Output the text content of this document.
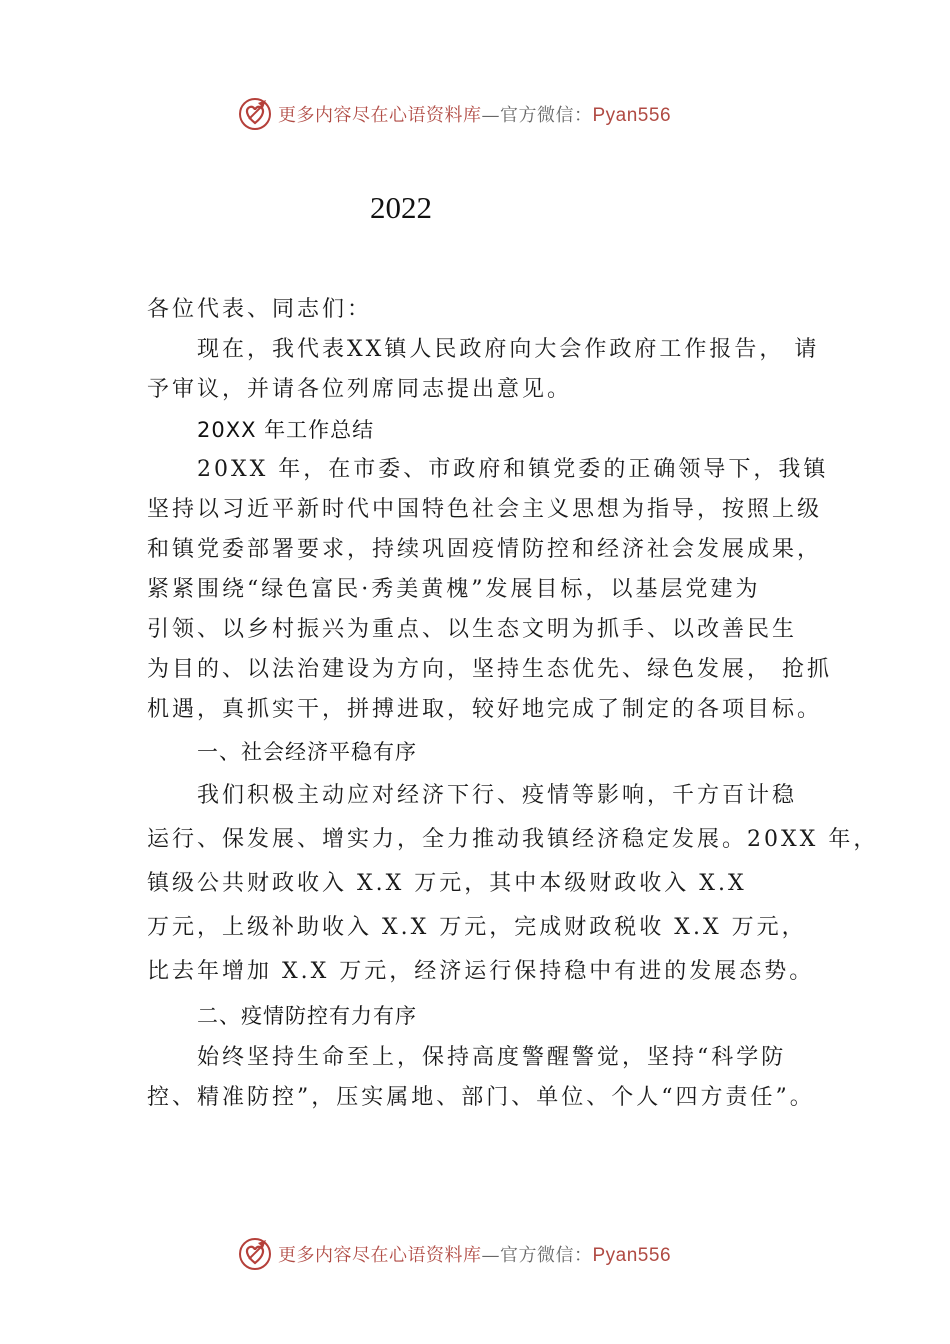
更多内容尽在心语资料库—官方微信：Pyan556
2022
各位代表、同志们：
现在，我代表XX镇人民政府向大会作政府工作报告， 请
予审议，并请各位列席同志提出意见。
20XX 年工作总结
20XX 年，在市委、市政府和镇党委的正确领导下，我镇
坚持以习近平新时代中国特色社会主义思想为指导，按照上级
和镇党委部署要求，持续巩固疫情防控和经济社会发展成果，
紧紧围绕“绿色富民·秀美黄槐”发展目标，以基层党建为
引领、以乡村振兴为重点、以生态文明为抓手、以改善民生
为目的、以法治建设为方向，坚持生态优先、绿色发展， 抢抓
机遇，真抓实干，拼搏进取，较好地完成了制定的各项目标。
一、社会经济平稳有序
我们积极主动应对经济下行、疫情等影响，千方百计稳
运行、保发展、增实力，全力推动我镇经济稳定发展。20XX 年，
镇级公共财政收入 X.X 万元，其中本级财政收入 X.X
万元，上级补助收入 X.X 万元，完成财政税收 X.X 万元，
比去年增加 X.X 万元，经济运行保持稳中有进的发展态势。
二、疫情防控有力有序
始终坚持生命至上，保持高度警醒警觉，坚持“科学防
控、精准防控”，压实属地、部门、单位、个人“四方责任”。
更多内容尽在心语资料库—官方微信：Pyan556
